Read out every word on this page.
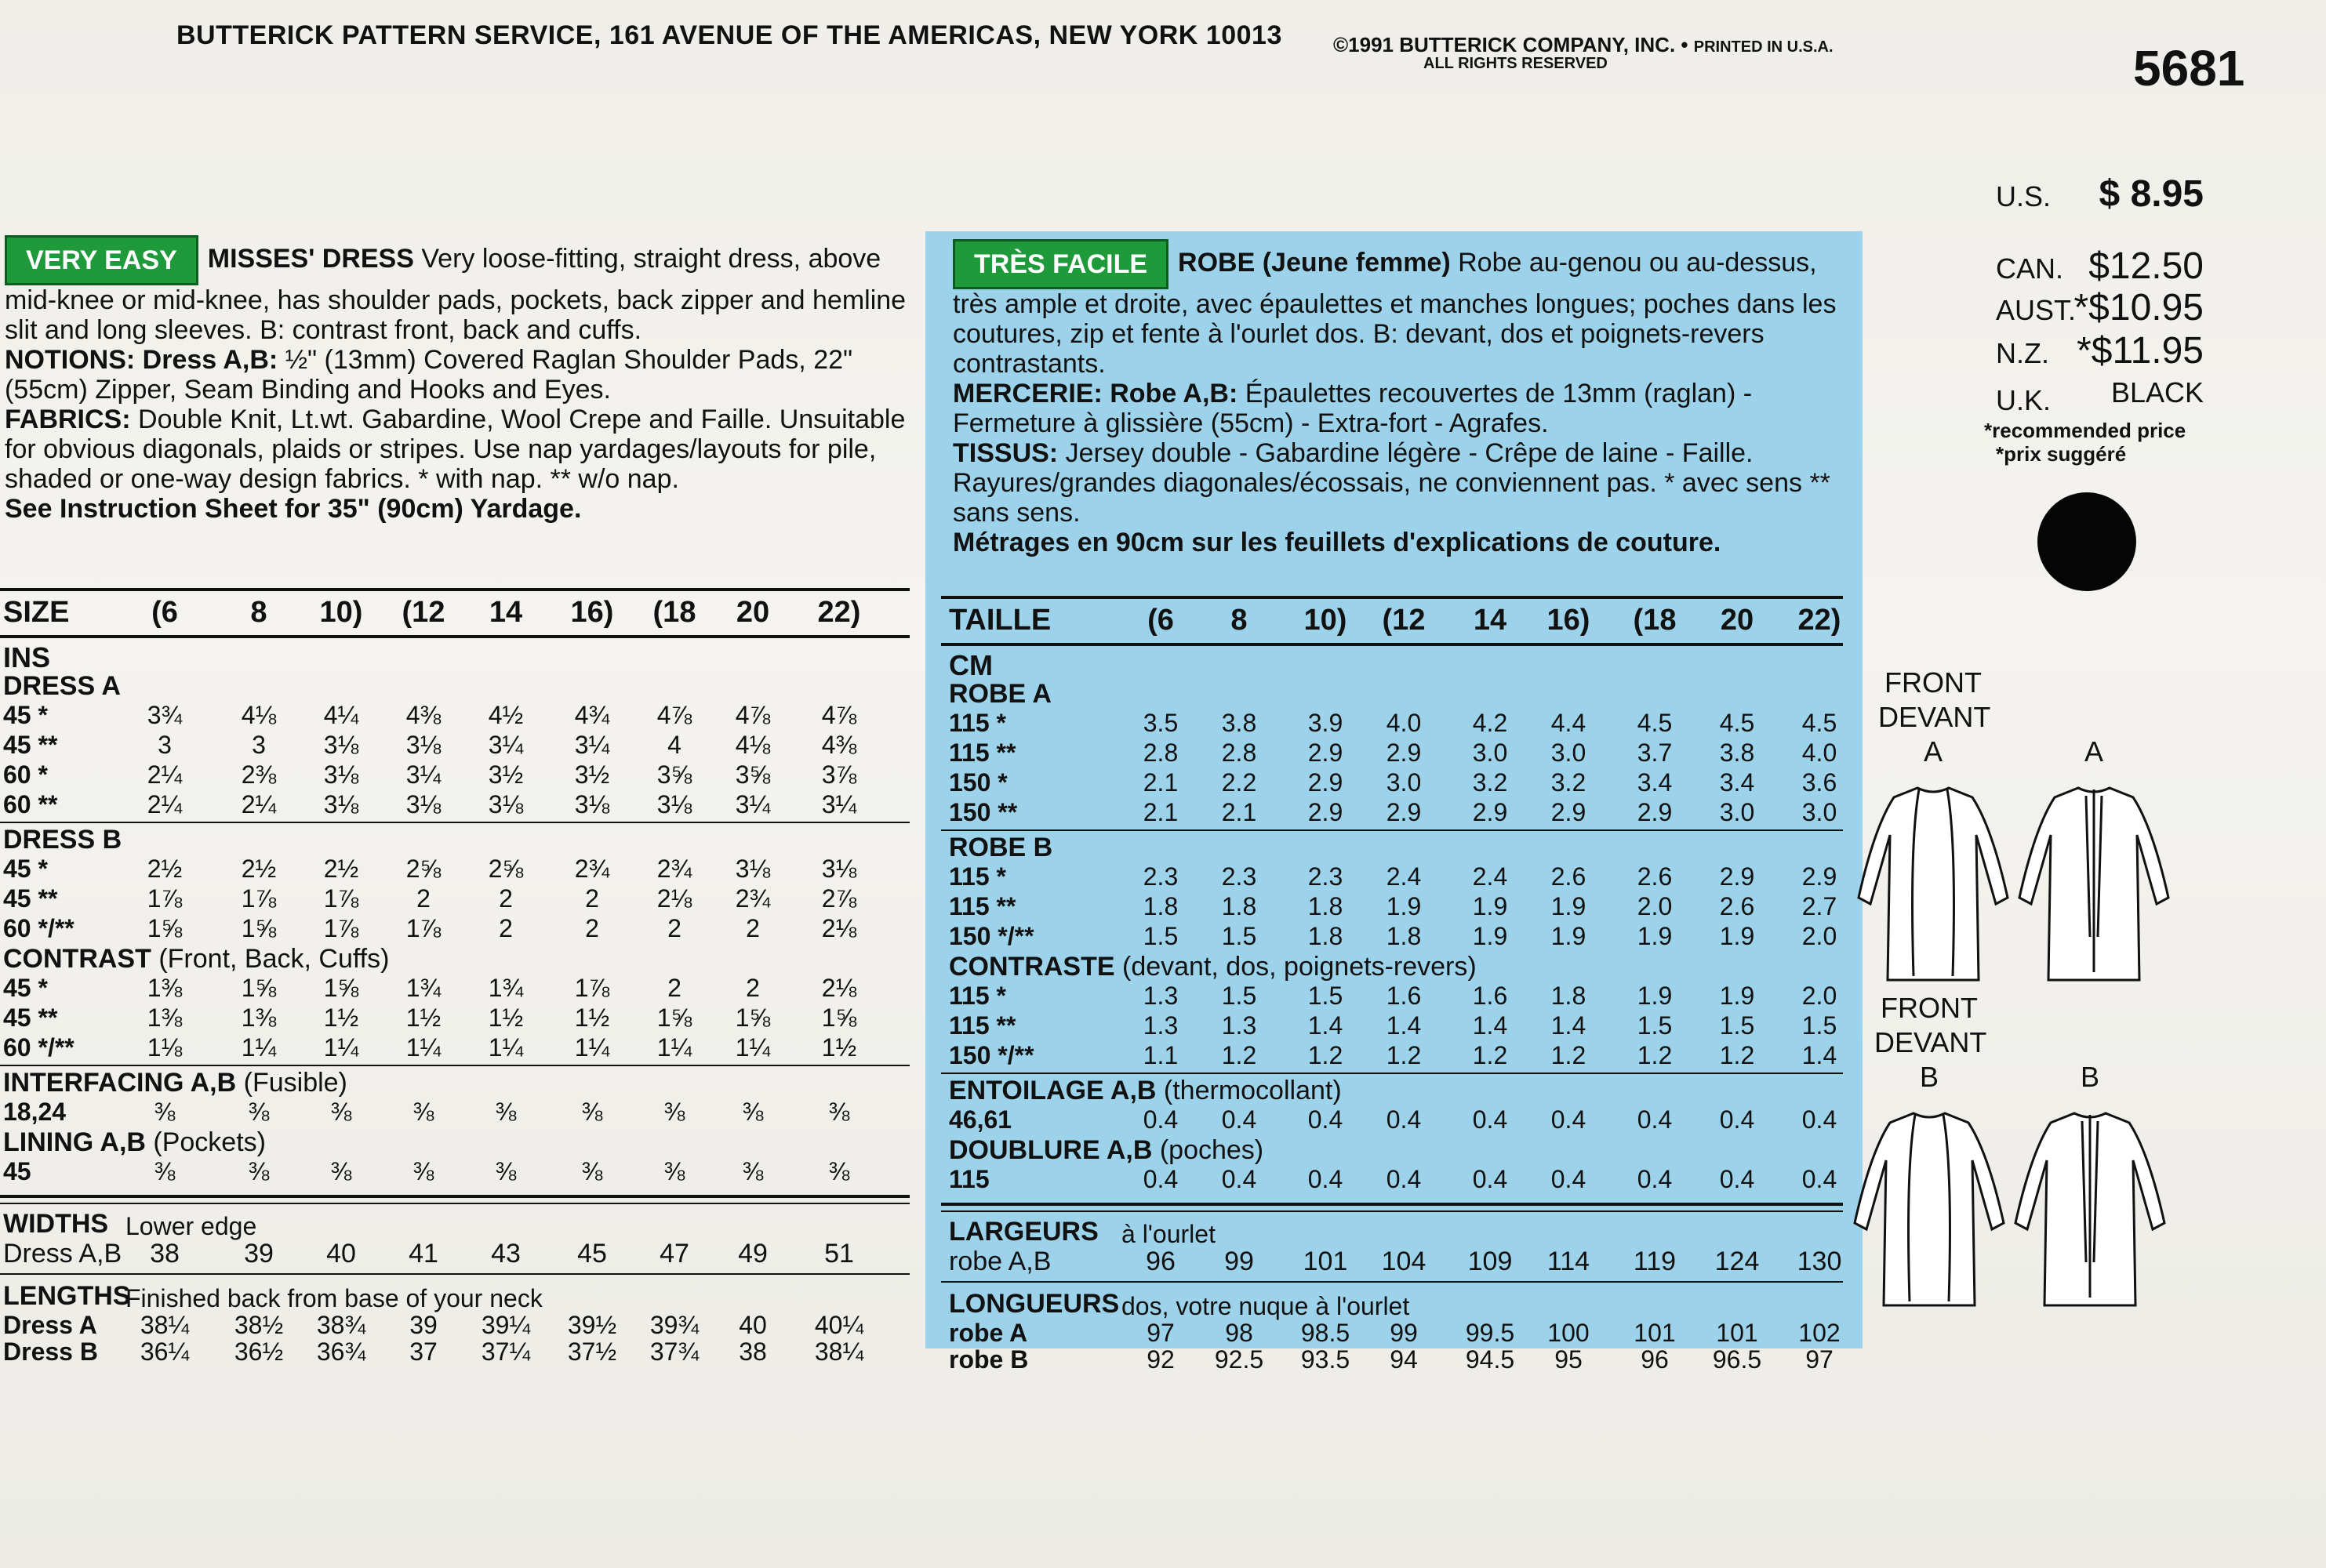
BUTTERICK PATTERN SERVICE, 161 AVENUE OF THE AMERICAS, NEW YORK 10013	©1991 BUTTERICK COMPANY, INC. • PRINTED IN U.S.A.
ALL RIGHTS RESERVED	5681
U.S. $ 8.95
CAN. $12.50
AUST.
*$10.95
N.Z. *$11.95
U.K. BLACK
*recommended price
*prix suggéré
VERY EASY MISSES' DRESS Very loose-fitting, straight dress, above mid-knee or mid-knee, has shoulder pads, pockets, back zipper and hemline slit and long sleeves. B: contrast front, back and cuffs.
NOTIONS: Dress A,B: ½" (13mm) Covered Raglan Shoulder Pads, 22" (55cm) Zipper, Seam Binding and Hooks and Eyes.
FABRICS: Double Knit, Lt.wt. Gabardine, Wool Crepe and Faille. Unsuitable for obvious diagonals, plaids or stripes. Use nap yardages/layouts for pile, shaded or one-way design fabrics. * with nap. ** w/o nap.
See Instruction Sheet for 35" (90cm) Yardage.
TRÈS FACILE ROBE (Jeune femme) Robe au-genou ou au-dessus, très ample et droite, avec épaulettes et manches longues; poches dans les coutures, zip et fente à l'ourlet dos. B: devant, dos et poignets-revers contrastants.
MERCERIE: Robe A,B: Épaulettes recouvertes de 13mm (raglan) - Fermeture à glissière (55cm) - Extra-fort - Agrafes.
TISSUS: Jersey double - Gabardine légère - Crêpe de laine - Faille. Rayures/grandes diagonales/écossais, ne conviennent pas. * avec sens ** sans sens.
Métrages en 90cm sur les feuillets d'explications de couture.
SIZE	(6	8	10)	(12	14	16)	(18	20	22)
INS
DRESS A
45 *	3¾	4⅛	4¼	4⅜	4½	4¾	4⅞	4⅞	4⅞
45 **	3	3	3⅛	3⅛	3¼	3¼	4	4⅛	4⅜
60 *	2¼	2⅜	3⅛	3¼	3½	3½	3⅝	3⅝	3⅞
60 **	2¼	2¼	3⅛	3⅛	3⅛	3⅛	3⅛	3¼	3¼
DRESS B
45 *	2½	2½	2½	2⅝	2⅝	2¾	2¾	3⅛	3⅛
45 **	1⅞	1⅞	1⅞	2	2	2	2⅛	2¾	2⅞
60 */**	1⅝	1⅝	1⅞	1⅞	2	2	2	2	2⅛
CONTRAST (Front, Back, Cuffs)
45 *	1⅜	1⅝	1⅝	1¾	1¾	1⅞	2	2	2⅛
45 **	1⅜	1⅜	1½	1½	1½	1½	1⅝	1⅝	1⅝
60 */**	1⅛	1¼	1¼	1¼	1¼	1¼	1¼	1¼	1½
INTERFACING A,B (Fusible)
18,24	⅜	⅜	⅜	⅜	⅜	⅜	⅜	⅜	⅜
LINING A,B (Pockets)
45	⅜	⅜	⅜	⅜	⅜	⅜	⅜	⅜	⅜
WIDTHS Lower edge
Dress A,B	38	39	40	41	43	45	47	49	51
LENGTHS
Finished back from base of your neck
Dress A 38¼ 38½ 38¾	39	39¼ 39½ 39¾	40	40¼
Dress B 36¼ 36½ 36¾	37	37¼ 37½ 37¾	38	38¼
TAILLE	(6	8	10)	(12	14	16)	(18	20	22)
CM
ROBE A
115 *	3.5	3.8	3.9	4.0	4.2	4.4	4.5	4.5	4.5
115 **	2.8	2.8	2.9	2.9	3.0	3.0	3.7	3.8	4.0
150 *	2.1	2.2	2.9	3.0	3.2	3.2	3.4	3.4	3.6
150 **	2.1	2.1	2.9	2.9	2.9	2.9	2.9	3.0	3.0
ROBE B
115 *	2.3	2.3	2.3	2.4	2.4	2.6	2.6	2.9	2.9
115 **	1.8	1.8	1.8	1.9	1.9	1.9	2.0	2.6	2.7
150 */**	1.5	1.5	1.8	1.8	1.9	1.9	1.9	1.9	2.0
CONTRASTE (devant, dos, poignets-revers)
115 *	1.3	1.5	1.5	1.6	1.6	1.8	1.9	1.9	2.0
115 **	1.3	1.3	1.4	1.4	1.4	1.4	1.5	1.5	1.5
150 */**	1.1	1.2	1.2	1.2	1.2	1.2	1.2	1.2	1.4
ENTOILAGE A,B (thermocollant)
46,61	0.4	0.4	0.4	0.4	0.4	0.4	0.4	0.4	0.4
DOUBLURE A,B (poches)
115	0.4	0.4	0.4	0.4	0.4	0.4	0.4	0.4	0.4
LARGEURS à l'ourlet
robe A,B	96	99	101	104	109	114	119	124	130
LONGUEURS dos, votre nuque à l'ourlet
robe A	97	98	98.5	99	99.5	100	101	101	102
robe B	92	92.5 93.5	94	94.5	95	96	96.5	97
FRONT
DEVANT
A	A
FRONT
DEVANT
B	B
